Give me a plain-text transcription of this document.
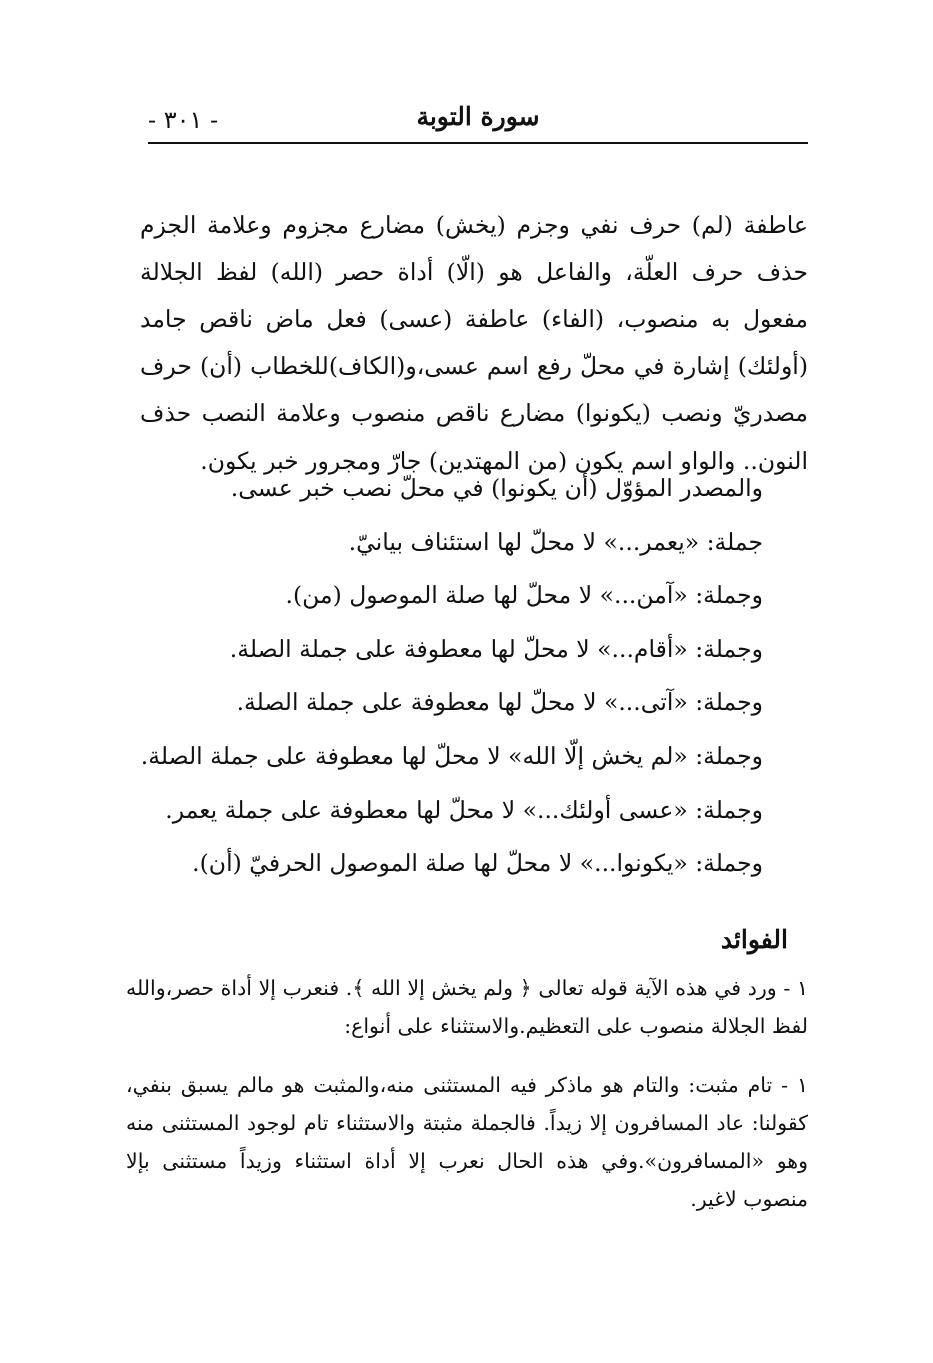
سورة التوبة
- ٣٠١ -

عاطفة (لم) حرف نفي وجزم (يخش) مضارع مجزوم وعلامة الجزم حذف حرف العلّة، والفاعل هو (الّا) أداة حصر (الله) لفظ الجلالة مفعول به منصوب، (الفاء) عاطفة (عسى) فعل ماض ناقص جامد (أولئك) إشارة في محلّ رفع اسم عسى،و(الكاف)للخطاب (أن) حرف مصدريّ ونصب (يكونوا) مضارع ناقص منصوب وعلامة النصب حذف النون.. والواو اسم يكون (من المهتدين) جارّ ومجرور خبر يكون.

والمصدر المؤوّل (أن يكونوا) في محلّ نصب خبر عسى.
جملة: «يعمر...» لا محلّ لها استئناف بيانيّ.
وجملة: «آمن...» لا محلّ لها صلة الموصول (من).
وجملة: «أقام...» لا محلّ لها معطوفة على جملة الصلة.
وجملة: «آتى...» لا محلّ لها معطوفة على جملة الصلة.
وجملة: «لم يخش إلّا الله» لا محلّ لها معطوفة على جملة الصلة.
وجملة: «عسى أولئك...» لا محلّ لها معطوفة على جملة يعمر.
وجملة: «يكونوا...» لا محلّ لها صلة الموصول الحرفيّ (أن).
الفوائد

١ - ورد في هذه الآية قوله تعالى ﴿ ولم يخش إلا الله ﴾. فنعرب إلا أداة حصر،والله لفظ الجلالة منصوب على التعظيم.والاستثناء على أنواع:

١ - تام مثبت: والتام هو ماذكر فيه المستثنى منه،والمثبت هو مالم يسبق بنفي، كقولنا: عاد المسافرون إلا زيداً. فالجملة مثبتة والاستثناء تام لوجود المستثنى منه وهو «المسافرون».وفي هذه الحال نعرب إلا أداة استثناء وزيداً مستثنى بإلا منصوب لاغير.
